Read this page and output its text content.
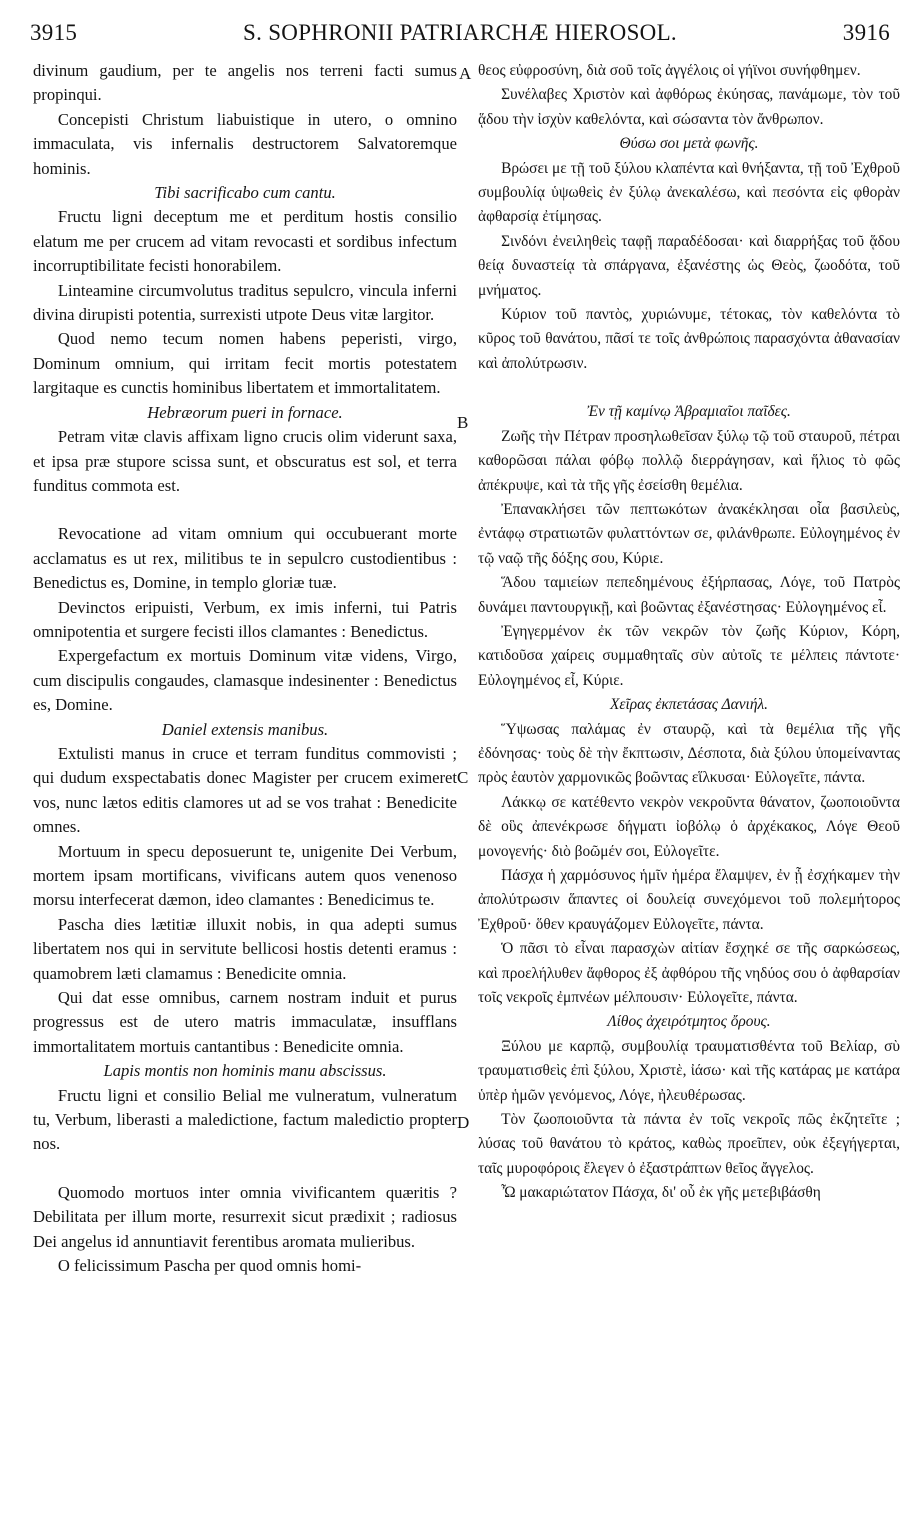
3915	S. SOPHRONII PATRIARCHÆ HIEROSOL.	3916
A
B
C
D

divinum gaudium, per te angelis nos terreni facti sumus propinqui.

Concepisti Christum liabuistique in utero, o omnino immaculata, vis infernalis destructorem Salvatoremque hominis.

Tibi sacrificabo cum cantu.

Fructu ligni deceptum me et perditum hostis consilio elatum me per crucem ad vitam revocasti et sordibus infectum incorruptibilitate fecisti honorabilem.

Linteamine circumvolutus traditus sepulcro, vincula inferni divina dirupisti potentia, surrexisti utpote Deus vitæ largitor.

Quod nemo tecum nomen habens peperisti, virgo, Dominum omnium, qui irritam fecit mortis potestatem largitaque es cunctis hominibus libertatem et immortalitatem.

Hebræorum pueri in fornace.

Petram vitæ clavis affixam ligno crucis olim viderunt saxa, et ipsa præ stupore scissa sunt, et obscuratus est sol, et terra funditus commota est.

Revocatione ad vitam omnium qui occubuerant morte acclamatus es ut rex, militibus te in sepulcro custodientibus : Benedictus es, Domine, in templo gloriæ tuæ.

Devinctos eripuisti, Verbum, ex imis inferni, tui Patris omnipotentia et surgere fecisti illos clamantes : Benedictus.

Expergefactum ex mortuis Dominum vitæ videns, Virgo, cum discipulis congaudes, clamasque indesinenter : Benedictus es, Domine.

Daniel extensis manibus.

Extulisti manus in cruce et terram funditus commovisti ; qui dudum exspectabatis donec Magister per crucem eximeret vos, nunc lætos editis clamores ut ad se vos trahat : Benedicite omnes.

Mortuum in specu deposuerunt te, unigenite Dei Verbum, mortem ipsam mortificans, vivificans autem quos venenoso morsu interfecerat dæmon, ideo clamantes : Benedicimus te.

Pascha dies lætitiæ illuxit nobis, in qua adepti sumus libertatem nos qui in servitute bellicosi hostis detenti eramus : quamobrem læti clamamus : Benedicite omnia.

Qui dat esse omnibus, carnem nostram induit et purus progressus est de utero matris immaculatæ, insufflans immortalitatem mortuis cantantibus : Benedicite omnia.

Lapis montis non hominis manu abscissus.

Fructu ligni et consilio Belial me vulneratum, vulneratum tu, Verbum, liberasti a maledictione, factum maledictio propter nos.

Quomodo mortuos inter omnia vivificantem quæritis ? Debilitata per illum morte, resurrexit sicut prædixit ; radiosus Dei angelus id annuntiavit ferentibus aromata mulieribus.

O felicissimum Pascha per quod omnis homi-

θεος εὐφροσύνη, διὰ σοῦ τοῖς ἀγγέλοις οἱ γήϊνοι συνήφθημεν.

Συνέλαβες Χριστὸν καὶ ἀφθόρως ἐκύησας, πανάμωμε, τὸν τοῦ ᾅδου τὴν ἰσχὺν καθελόντα, καὶ σώσαντα τὸν ἄνθρωπον.

Θύσω σοι μετὰ φωνῆς.

Βρώσει με τῇ τοῦ ξύλου κλαπέντα καὶ θνήξαντα, τῇ τοῦ Ἐχθροῦ συμβουλίᾳ ὑψωθεὶς ἐν ξύλῳ ἀνεκαλέσω, καὶ πεσόντα εἰς φθορὰν ἀφθαρσίᾳ ἐτίμησας.

Σινδόνι ἐνειληθεὶς ταφῇ παραδέδοσαι· καὶ διαρρήξας τοῦ ᾅδου θείᾳ δυναστείᾳ τὰ σπάργανα, ἐξανέστης ὡς Θεὸς, ζωοδότα, τοῦ μνήματος.

Κύριον τοῦ παντὸς, χυριώνυμε, τέτοκας, τὸν καθελόντα τὸ κῦρος τοῦ θανάτου, πᾶσί τε τοῖς ἀνθρώποις παρασχόντα ἀθανασίαν καὶ ἀπολύτρωσιν.

Ἐν τῇ καμίνῳ Ἀβραμιαῖοι παῖδες.

Ζωῆς τὴν Πέτραν προσηλωθεῖσαν ξύλῳ τῷ τοῦ σταυροῦ, πέτραι καθορῶσαι πάλαι φόβῳ πολλῷ διερράγησαν, καὶ ἥλιος τὸ φῶς ἀπέκρυψε, καὶ τὰ τῆς γῆς ἐσείσθη θεμέλια.

Ἐπανακλήσει τῶν πεπτωκότων ἀνακέκλησαι οἷα βασιλεὺς, ἐντάφῳ στρατιωτῶν φυλαττόντων σε, φιλάνθρωπε. Εὐλογημένος ἐν τῷ ναῷ τῆς δόξης σου, Κύριε.

Ἅδου ταμιείων πεπεδημένους ἐξήρπασας, Λόγε, τοῦ Πατρὸς δυνάμει παντουργικῇ, καὶ βοῶντας ἐξανέστησας· Εὐλογημένος εἶ.

Ἐγηγερμένον ἐκ τῶν νεκρῶν τὸν ζωῆς Κύριον, Κόρη, κατιδοῦσα χαίρεις συμμαθηταῖς σὺν αὐτοῖς τε μέλπεις πάντοτε· Εὐλογημένος εἶ, Κύριε.

Χεῖρας ἐκπετάσας Δανιήλ.

Ὕψωσας παλάμας ἐν σταυρῷ, καὶ τὰ θεμέλια τῆς γῆς ἐδόνησας· τοὺς δὲ τὴν ἔκπτωσιν, Δέσποτα, διὰ ξύλου ὑπομείναντας πρὸς ἑαυτὸν χαρμονικῶς βοῶντας εἵλκυσαι· Εὐλογεῖτε, πάντα.

Λάκκῳ σε κατέθεντο νεκρὸν νεκροῦντα θάνατον, ζωοποιοῦντα δὲ οὓς ἀπενέκρωσε δήγματι ἰοβόλῳ ὁ ἀρχέκακος, Λόγε Θεοῦ μονογενής· διὸ βοῶμέν σοι, Εὐλογεῖτε.

Πάσχα ἡ χαρμόσυνος ἡμῖν ἡμέρα ἔλαμψεν, ἐν ᾗ ἐσχήκαμεν τὴν ἀπολύτρωσιν ἅπαντες οἱ δουλείᾳ συνεχόμενοι τοῦ πολεμήτορος Ἐχθροῦ· ὅθεν κραυγάζομεν Εὐλογεῖτε, πάντα.

Ὁ πᾶσι τὸ εἶναι παρασχὼν αἰτίαν ἔσχηκέ σε τῆς σαρκώσεως, καὶ προελήλυθεν ἄφθορος ἐξ ἀφθόρου τῆς νηδύος σου ὁ ἀφθαρσίαν τοῖς νεκροῖς ἐμπνέων μέλπουσιν· Εὐλογεῖτε, πάντα.

Λίθος ἀχειρότμητος ὄρους.

Ξύλου με καρπῷ, συμβουλίᾳ τραυματισθέντα τοῦ Βελίαρ, σὺ τραυματισθεὶς ἐπὶ ξύλου, Χριστὲ, ἰάσω· καὶ τῆς κατάρας με κατάρα ὑπὲρ ἡμῶν γενόμενος, Λόγε, ἠλευθέρωσας.

Τὸν ζωοποιοῦντα τὰ πάντα ἐν τοῖς νεκροῖς πῶς ἐκζητεῖτε ; λύσας τοῦ θανάτου τὸ κράτος, καθὼς προεῖπεν, οὐκ ἐξεγήγερται, ταῖς μυροφόροις ἔλεγεν ὁ ἐξαστράπτων θεῖος ἄγγελος.

Ὦ μακαριώτατον Πάσχα, δι' οὗ ἐκ γῆς μετεβιβάσθη
